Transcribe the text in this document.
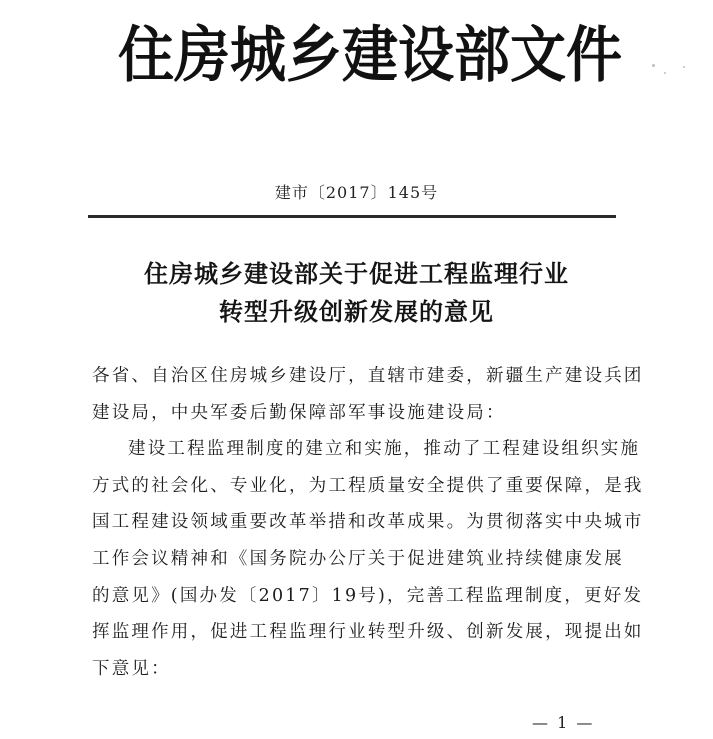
住房城乡建设部文件
建市〔2017〕145号
住房城乡建设部关于促进工程监理行业
转型升级创新发展的意见
各省、自治区住房城乡建设厅，直辖市建委，新疆生产建设兵团
建设局，中央军委后勤保障部军事设施建设局：
建设工程监理制度的建立和实施，推动了工程建设组织实施
方式的社会化、专业化，为工程质量安全提供了重要保障，是我
国工程建设领域重要改革举措和改革成果。为贯彻落实中央城市
工作会议精神和《国务院办公厅关于促进建筑业持续健康发展
的意见》(国办发〔2017〕19号)，完善工程监理制度，更好发
挥监理作用，促进工程监理行业转型升级、创新发展，现提出如
下意见：
— 1 —
